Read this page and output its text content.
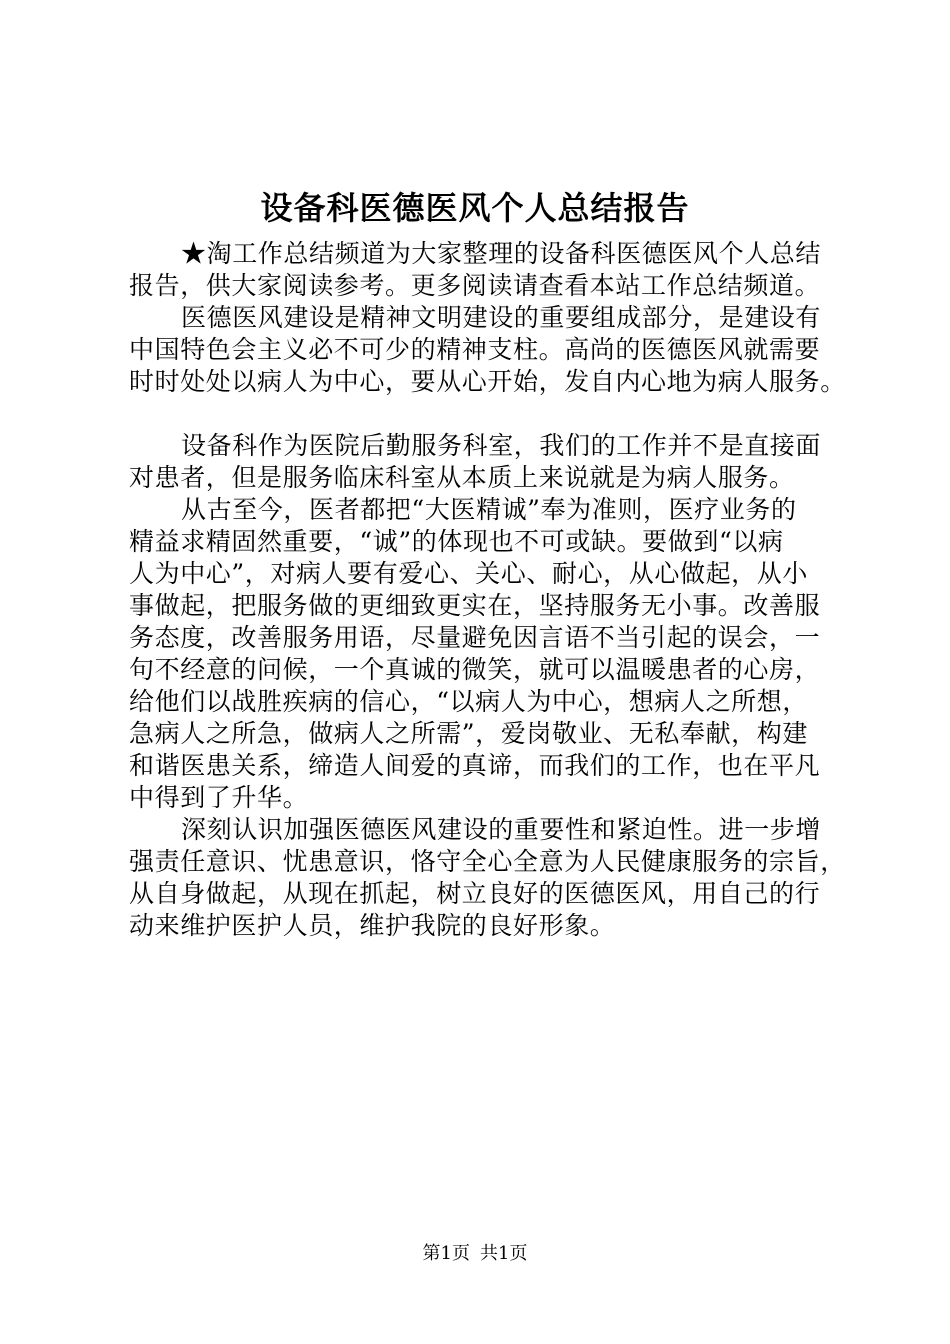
设备科医德医风个人总结报告
★淘工作总结频道为大家整理的设备科医德医风个人总结
报告，供大家阅读参考。更多阅读请查看本站工作总结频道。
医德医风建设是精神文明建设的重要组成部分，是建设有
中国特色会主义必不可少的精神支柱。高尚的医德医风就需要
时时处处以病人为中心，要从心开始，发自内心地为病人服务。
设备科作为医院后勤服务科室，我们的工作并不是直接面
对患者，但是服务临床科室从本质上来说就是为病人服务。
从古至今，医者都把“大医精诚”奉为准则，医疗业务的
精益求精固然重要，“诚”的体现也不可或缺。要做到“以病
人为中心”，对病人要有爱心、关心、耐心，从心做起，从小
事做起，把服务做的更细致更实在，坚持服务无小事。改善服
务态度，改善服务用语，尽量避免因言语不当引起的误会，一
句不经意的问候，一个真诚的微笑，就可以温暖患者的心房，
给他们以战胜疾病的信心，“以病人为中心，想病人之所想，
急病人之所急，做病人之所需”，爱岗敬业、无私奉献，构建
和谐医患关系，缔造人间爱的真谛，而我们的工作，也在平凡
中得到了升华。
深刻认识加强医德医风建设的重要性和紧迫性。进一步增
强责任意识、忧患意识，恪守全心全意为人民健康服务的宗旨，
从自身做起，从现在抓起，树立良好的医德医风，用自己的行
动来维护医护人员，维护我院的良好形象。
第1页 共1页
